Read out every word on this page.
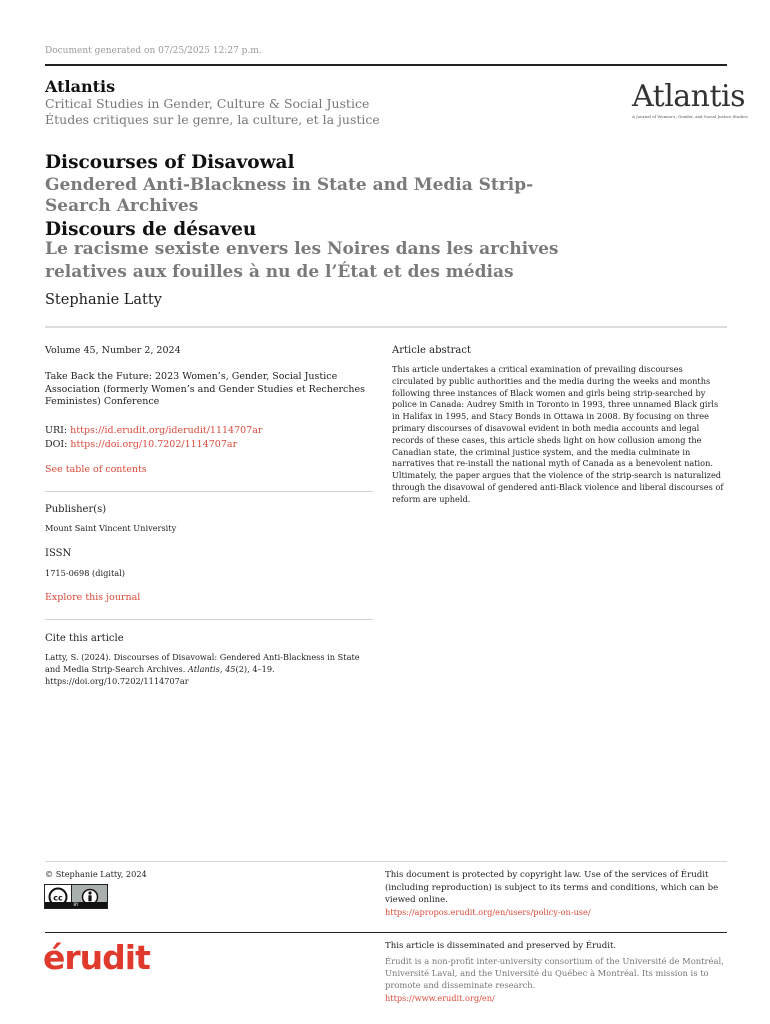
Document generated on 07/25/2025 12:27 p.m.
Atlantis
Critical Studies in Gender, Culture & Social Justice
Études critiques sur le genre, la culture, et la justice
Atlantis
A Journal of Women's, Gender, and Social Justice Studies
Discourses of Disavowal
Gendered Anti-Blackness in State and Media Strip-Search Archives
Discours de désaveu
Le racisme sexiste envers les Noires dans les archives relatives aux fouilles à nu de l’État et des médias
Stephanie Latty
Volume 45, Number 2, 2024
Take Back the Future: 2023 Women’s, Gender, Social Justice Association (formerly Women’s and Gender Studies et Recherches Feministes) Conference
URI: https://id.erudit.org/iderudit/1114707ar
DOI: https://doi.org/10.7202/1114707ar
See table of contents
Publisher(s)
Mount Saint Vincent University
ISSN
1715-0698 (digital)
Explore this journal
Cite this article
Latty, S. (2024). Discourses of Disavowal: Gendered Anti-Blackness in State and Media Strip-Search Archives. Atlantis, 45(2), 4–19.
https://doi.org/10.7202/1114707ar
Article abstract
This article undertakes a critical examination of prevailing discourses circulated by public authorities and the media during the weeks and months following three instances of Black women and girls being strip-searched by police in Canada: Audrey Smith in Toronto in 1993, three unnamed Black girls in Halifax in 1995, and Stacy Bonds in Ottawa in 2008. By focusing on three primary discourses of disavowal evident in both media accounts and legal records of these cases, this article sheds light on how collusion among the Canadian state, the criminal justice system, and the media culminate in narratives that re-install the national myth of Canada as a benevolent nation. Ultimately, the paper argues that the violence of the strip-search is naturalized through the disavowal of gendered anti-Black violence and liberal discourses of reform are upheld.
© Stephanie Latty, 2024
cc
BY
This document is protected by copyright law. Use of the services of Érudit (including reproduction) is subject to its terms and conditions, which can be viewed online.
https://apropos.erudit.org/en/users/policy-on-use/
érudit	This article is disseminated and preserved by Érudit.
Érudit is a non-profit inter-university consortium of the Université de Montréal, Université Laval, and the Université du Québec à Montréal. Its mission is to promote and disseminate research.
https://www.erudit.org/en/
